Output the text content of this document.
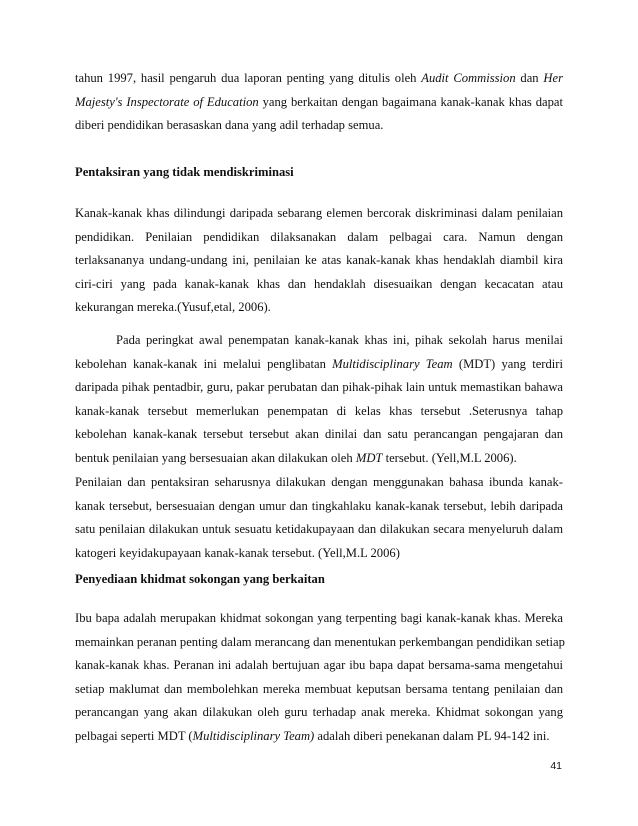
tahun 1997, hasil pengaruh dua laporan penting yang ditulis oleh Audit Commission dan Her
Majesty's Inspectorate of Education yang berkaitan dengan bagaimana kanak-kanak khas dapat
diberi pendidikan berasaskan dana yang adil terhadap semua.
Pentaksiran yang tidak mendiskriminasi
Kanak-kanak khas dilindungi daripada sebarang elemen bercorak diskriminasi dalam penilaian
pendidikan. Penilaian pendidikan dilaksanakan dalam pelbagai cara. Namun dengan
terlaksananya undang-undang ini, penilaian ke atas kanak-kanak khas hendaklah diambil kira
ciri-ciri yang pada kanak-kanak khas dan hendaklah disesuaikan dengan kecacatan atau
kekurangan mereka.(Yusuf,etal, 2006).
Pada peringkat awal penempatan kanak-kanak khas ini, pihak sekolah harus menilai
kebolehan kanak-kanak ini melalui penglibatan Multidisciplinary Team (MDT) yang terdiri
daripada pihak pentadbir, guru, pakar perubatan dan pihak-pihak lain untuk memastikan bahawa
kanak-kanak tersebut memerlukan penempatan di kelas khas tersebut .Seterusnya tahap
kebolehan kanak-kanak tersebut tersebut akan dinilai dan satu perancangan pengajaran dan
bentuk penilaian yang bersesuaian akan dilakukan oleh MDT tersebut. (Yell,M.L 2006).
Penilaian dan pentaksiran seharusnya dilakukan dengan menggunakan bahasa ibunda kanak-
kanak tersebut, bersesuaian dengan umur dan tingkahlaku kanak-kanak tersebut, lebih daripada
satu penilaian dilakukan untuk sesuatu ketidakupayaan dan dilakukan secara menyeluruh dalam
katogeri keyidakupayaan kanak-kanak tersebut. (Yell,M.L 2006)
Penyediaan khidmat sokongan yang berkaitan
Ibu bapa adalah merupakan khidmat sokongan yang terpenting bagi kanak-kanak khas. Mereka
memainkan peranan penting dalam merancang dan menentukan perkembangan pendidikan setiap
kanak-kanak khas. Peranan ini adalah bertujuan agar ibu bapa dapat bersama-sama mengetahui
setiap maklumat dan membolehkan mereka membuat keputsan bersama tentang penilaian dan
perancangan yang akan dilakukan oleh guru terhadap anak mereka. Khidmat sokongan yang
pelbagai seperti MDT (Multidisciplinary Team) adalah diberi penekanan dalam PL 94-142 ini.
41
